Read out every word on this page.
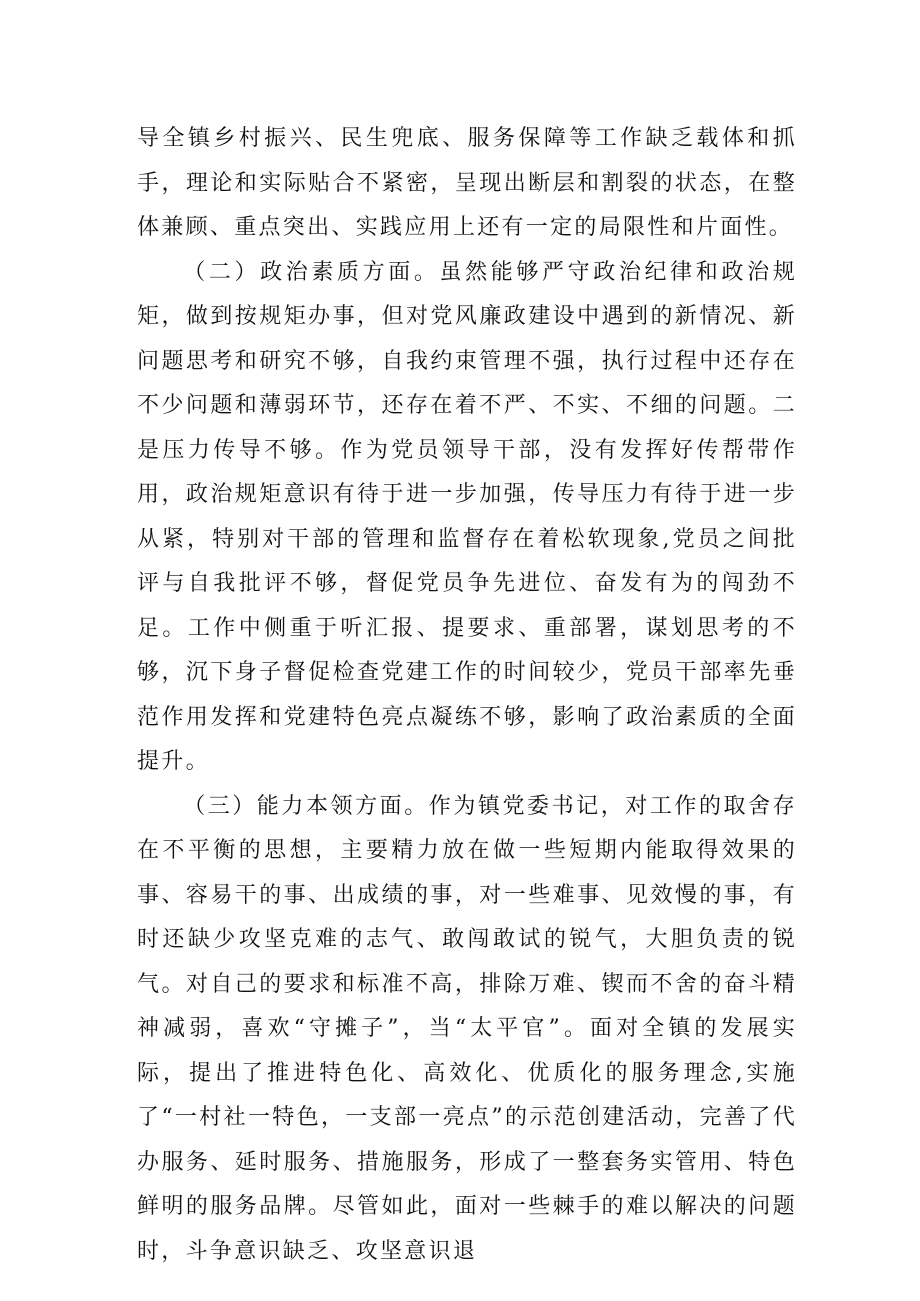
导全镇乡村振兴、民生兜底、服务保障等工作缺乏载体和抓手，理论和实际贴合不紧密，呈现出断层和割裂的状态，在整体兼顾、重点突出、实践应用上还有一定的局限性和片面性。

（二）政治素质方面。虽然能够严守政治纪律和政治规矩，做到按规矩办事，但对党风廉政建设中遇到的新情况、新问题思考和研究不够，自我约束管理不强，执行过程中还存在不少问题和薄弱环节，还存在着不严、不实、不细的问题。二是压力传导不够。作为党员领导干部，没有发挥好传帮带作用，政治规矩意识有待于进一步加强，传导压力有待于进一步从紧，特别对干部的管理和监督存在着松软现象,党员之间批评与自我批评不够，督促党员争先进位、奋发有为的闯劲不足。工作中侧重于听汇报、提要求、重部署，谋划思考的不够，沉下身子督促检查党建工作的时间较少，党员干部率先垂范作用发挥和党建特色亮点凝练不够，影响了政治素质的全面提升。

（三）能力本领方面。作为镇党委书记，对工作的取舍存在不平衡的思想，主要精力放在做一些短期内能取得效果的事、容易干的事、出成绩的事，对一些难事、见效慢的事，有时还缺少攻坚克难的志气、敢闯敢试的锐气，大胆负责的锐气。对自己的要求和标准不高，排除万难、锲而不舍的奋斗精神减弱，喜欢“守摊子”，当“太平官”。面对全镇的发展实际，提出了推进特色化、高效化、优质化的服务理念,实施了“一村社一特色，一支部一亮点”的示范创建活动，完善了代办服务、延时服务、措施服务，形成了一整套务实管用、特色鲜明的服务品牌。尽管如此，面对一些棘手的难以解决的问题时，斗争意识缺乏、攻坚意识退
